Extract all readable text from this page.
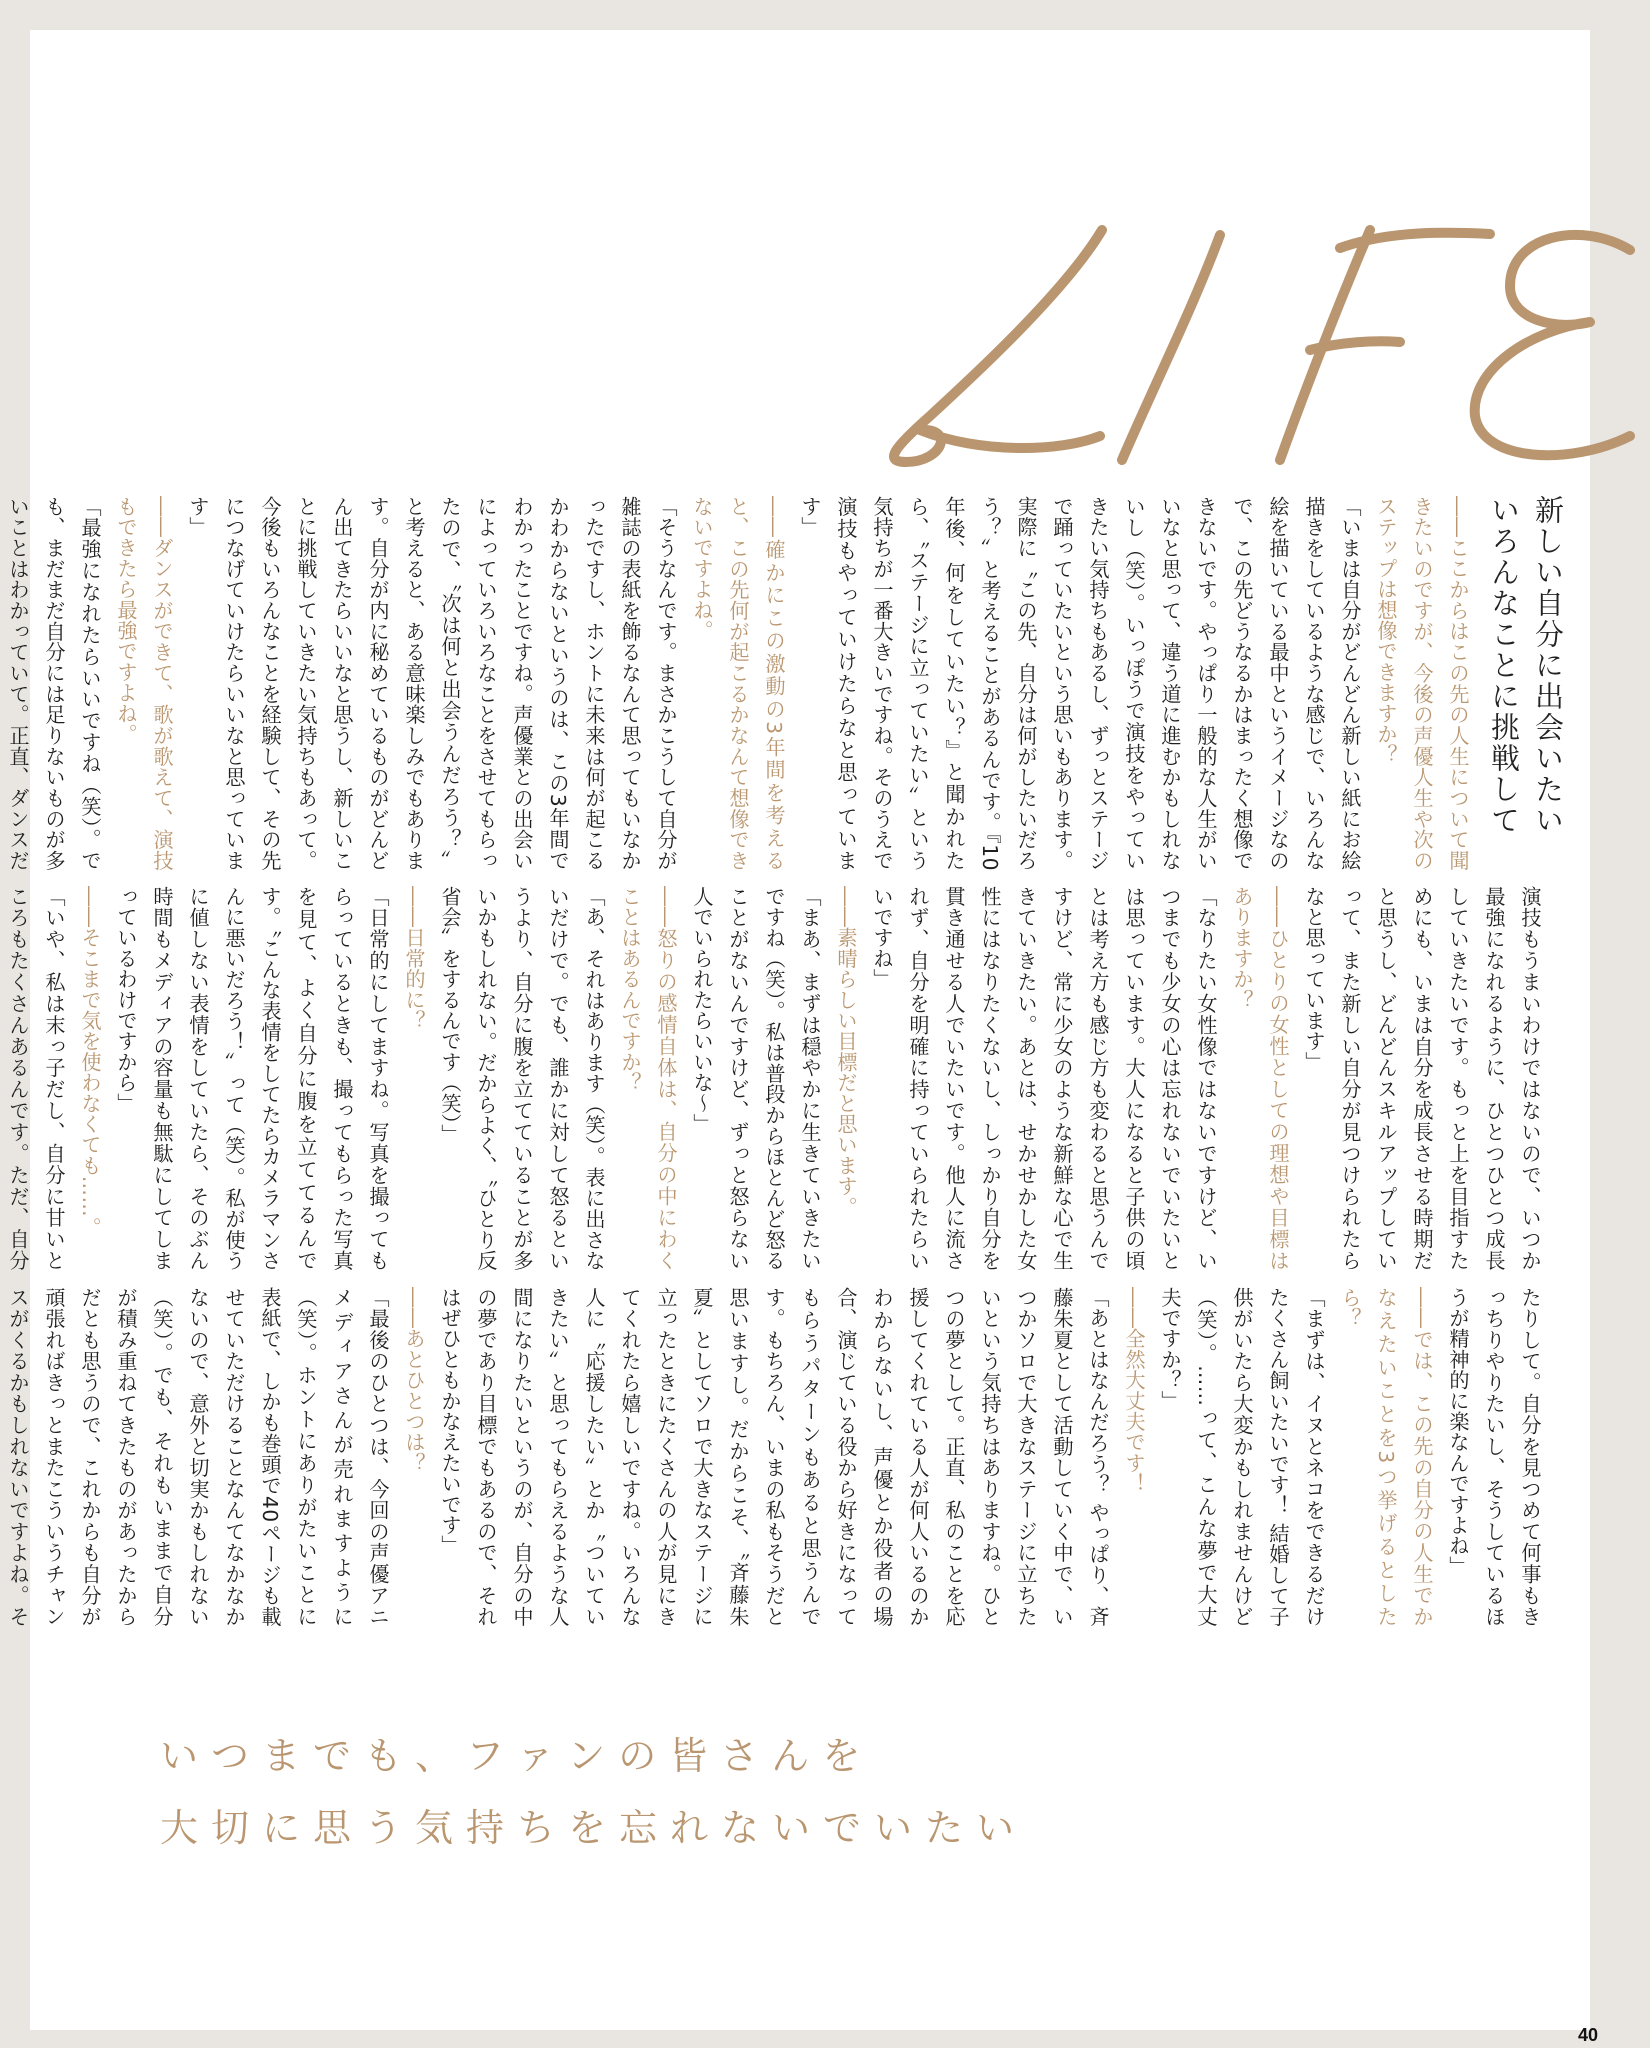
新しい自分に出会いたい
いろんなことに挑戦して

――ここからはこの先の人生について聞きたいのですが、今後の声優人生や次のステップは想像できますか？

「いまは自分がどんどん新しい紙にお絵描きをしているような感じで、いろんな絵を描いている最中というイメージなので、この先どうなるかはまったく想像できないです。やっぱり一般的な人生がいいなと思って、違う道に進むかもしれないし（笑）。いっぽうで演技をやっていきたい気持ちもあるし、ずっとステージで踊っていたいという思いもあります。実際に〝この先、自分は何がしたいだろう？〟と考えることがあるんです。『10年後、何をしていたい？』と聞かれたら、〝ステージに立っていたい〟という気持ちが一番大きいですね。そのうえで演技もやっていけたらなと思っています」

――確かにこの激動の3年間を考えると、この先何が起こるかなんて想像できないですよね。

「そうなんです。まさかこうして自分が雑誌の表紙を飾るなんて思ってもいなかったですし、ホントに未来は何が起こるかわからないというのは、この3年間でわかったことですね。声優業との出会いによっていろいろなことをさせてもらったので、〝次は何と出会うんだろう？〟と考えると、ある意味楽しみでもあります。自分が内に秘めているものがどんどん出てきたらいいなと思うし、新しいことに挑戦していきたい気持ちもあって。今後もいろんなことを経験して、その先につなげていけたらいいなと思っています」

――ダンスができて、歌が歌えて、演技もできたら最強ですよね。

「最強になれたらいいですね（笑）。でも、まだまだ自分には足りないものが多いことはわかっていて。正直、ダンスだ

演技もうまいわけではないので、いつか最強になれるように、ひとつひとつ成長していきたいです。もっと上を目指すためにも、いまは自分を成長させる時期だと思うし、どんどんスキルアップしていって、また新しい自分が見つけられたらなと思っています」

――ひとりの女性としての理想や目標はありますか？

「なりたい女性像ではないですけど、いつまでも少女の心は忘れないでいたいとは思っています。大人になると子供の頃とは考え方も感じ方も変わると思うんですけど、常に少女のような新鮮な心で生きていきたい。あとは、せかせかした女性にはなりたくないし、しっかり自分を貫き通せる人でいたいです。他人に流されず、自分を明確に持っていられたらいいですね」

――素晴らしい目標だと思います。

「まあ、まずは穏やかに生きていきたいですね（笑）。私は普段からほとんど怒ることがないんですけど、ずっと怒らない人でいられたらいいな～」

――怒りの感情自体は、自分の中にわくことはあるんですか？

「あ、それはあります（笑）。表に出さないだけで。でも、誰かに対して怒るというより、自分に腹を立てていることが多いかもしれない。だからよく、〝ひとり反省会〟をするんです（笑）」

――日常的に？

「日常的にしてますね。写真を撮ってもらっているときも、撮ってもらった写真を見て、よく自分に腹を立ててるんです。〝こんな表情をしてたらカメラマンさんに悪いだろう！〟って（笑）。私が使うに値しない表情をしていたら、そのぶん時間もメディアの容量も無駄にしてしまっているわけですから」

――そこまで気を使わなくても……。

「いや、私は末っ子だし、自分に甘いところもたくさんあるんです。ただ、自分

たりして。自分を見つめて何事もきっちりやりたいし、そうしているほうが精神的に楽なんですよね」

――では、この先の自分の人生でかなえたいことを3つ挙げるとしたら？

「まずは、イヌとネコをできるだけたくさん飼いたいです！ 結婚して子供がいたら大変かもしれませんけど（笑）。……って、こんな夢で大丈夫ですか？」

――全然大丈夫です！

「あとはなんだろう？ やっぱり、斉藤朱夏として活動していく中で、いつかソロで大きなステージに立ちたいという気持ちはありますね。ひとつの夢として。正直、私のことを応援してくれている人が何人いるのかわからないし、声優とか役者の場合、演じている役から好きになってもらうパターンもあると思うんです。もちろん、いまの私もそうだと思いますし。だからこそ、〝斉藤朱夏〟としてソロで大きなステージに立ったときにたくさんの人が見にきてくれたら嬉しいですね。いろんな人に〝応援したい〟とか〝ついていきたい〟と思ってもらえるような人間になりたいというのが、自分の中の夢であり目標でもあるので、それはぜひともかなえたいです」

――あとひとつは？

「最後のひとつは、今回の声優アニメディアさんが売れますように（笑）。ホントにありがたいことに表紙で、しかも巻頭で40ページも載せていただけることなんてなかなかないので、意外と切実かもしれない（笑）。でも、それもいままで自分が積み重ねてきたものがあったからだとも思うので、これからも自分が頑張ればきっとまたこういうチャンスがくるかもしれないですよね。そ

いつまでも、ファンの皆さんを
大切に思う気持ちを忘れないでいたい
40
